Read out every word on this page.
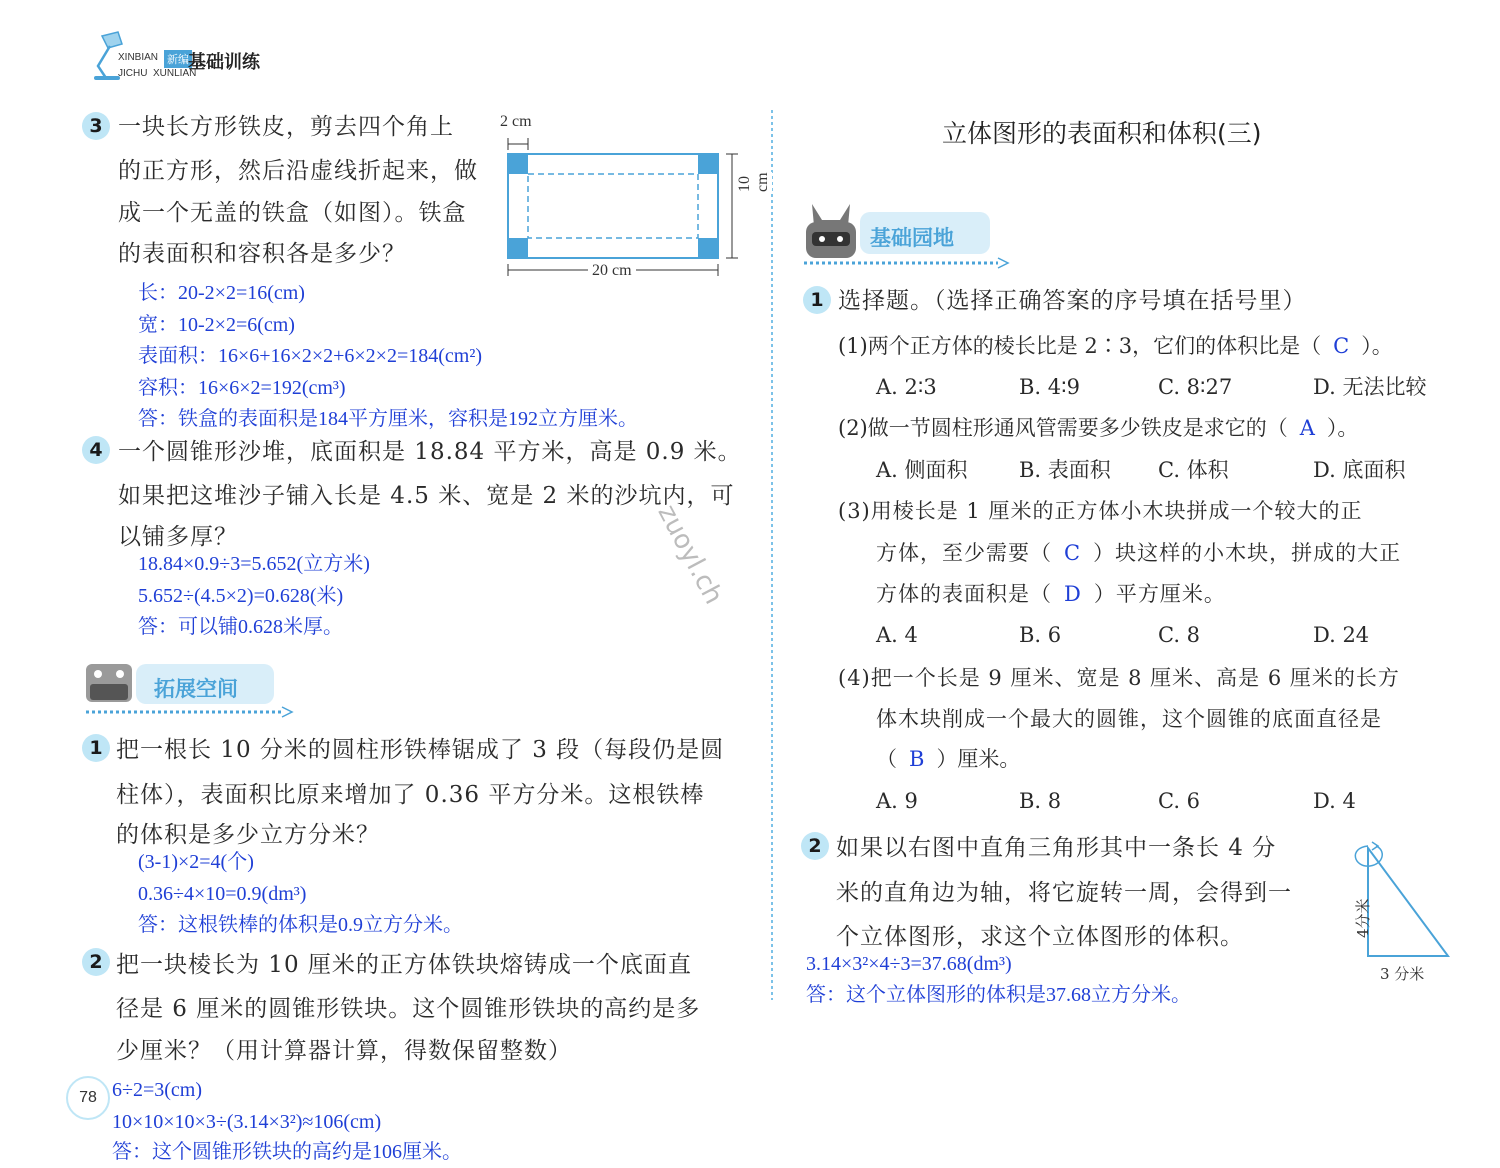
XINBIAN 新编 基础训练
JICHU  XUNLIAN
zuoyl.ch
3 一块长方形铁皮，剪去四个角上
的正方形，然后沿虚线折起来，做
成一个无盖的铁盒（如图）。铁盒
的表面积和容积各是多少？
2 cm
10 cm
20 cm
长：20-2×2=16(cm)
宽：10-2×2=6(cm)
表面积：16×6+16×2×2+6×2×2=184(cm²)
容积：16×6×2=192(cm³)
答：铁盒的表面积是184平方厘米，容积是192立方厘米。
4 一个圆锥形沙堆，底面积是 18.84 平方米，高是 0.9 米。
如果把这堆沙子铺入长是 4.5 米、宽是 2 米的沙坑内，可
以铺多厚？
18.84×0.9÷3=5.652(立方米)
5.652÷(4.5×2)=0.628(米)
答：可以铺0.628米厚。
拓展空间
1 把一根长 10 分米的圆柱形铁棒锯成了 3 段（每段仍是圆
柱体），表面积比原来增加了 0.36 平方分米。这根铁棒
的体积是多少立方分米？
(3-1)×2=4(个)
0.36÷4×10=0.9(dm³)
答：这根铁棒的体积是0.9立方分米。
2 把一块棱长为 10 厘米的正方体铁块熔铸成一个底面直
径是 6 厘米的圆锥形铁块。这个圆锥形铁块的高约是多
少厘米？（用计算器计算，得数保留整数）
78 6÷2=3(cm)
10×10×10×3÷(3.14×3²)≈106(cm)
答：这个圆锥形铁块的高约是106厘米。
立体图形的表面积和体积(三)
基础园地
1 选择题。（选择正确答案的序号填在括号里）
(1)两个正方体的棱长比是 2∶3，它们的体积比是（ C ）。
A. 2∶3	B. 4∶9	C. 8∶27	D. 无法比较
(2)做一节圆柱形通风管需要多少铁皮是求它的（ A ）。
A. 侧面积 B. 表面积 C. 体积	D. 底面积
(3)用棱长是 1 厘米的正方体小木块拼成一个较大的正
方体，至少需要（ C ）块这样的小木块，拼成的大正
方体的表面积是（ D ）平方厘米。
A. 4	B. 6	C. 8	D. 24
(4)把一个长是 9 厘米、宽是 8 厘米、高是 6 厘米的长方
体木块削成一个最大的圆锥，这个圆锥的底面直径是
（ B ）厘米。
A. 9	B. 8	C. 6	D. 4
2 如果以右图中直角三角形其中一条长 4 分
米的直角边为轴，将它旋转一周，会得到一
个立体图形，求这个立体图形的体积。	4分米
3 分米
3.14×3²×4÷3=37.68(dm³)
答：这个立体图形的体积是37.68立方分米。
